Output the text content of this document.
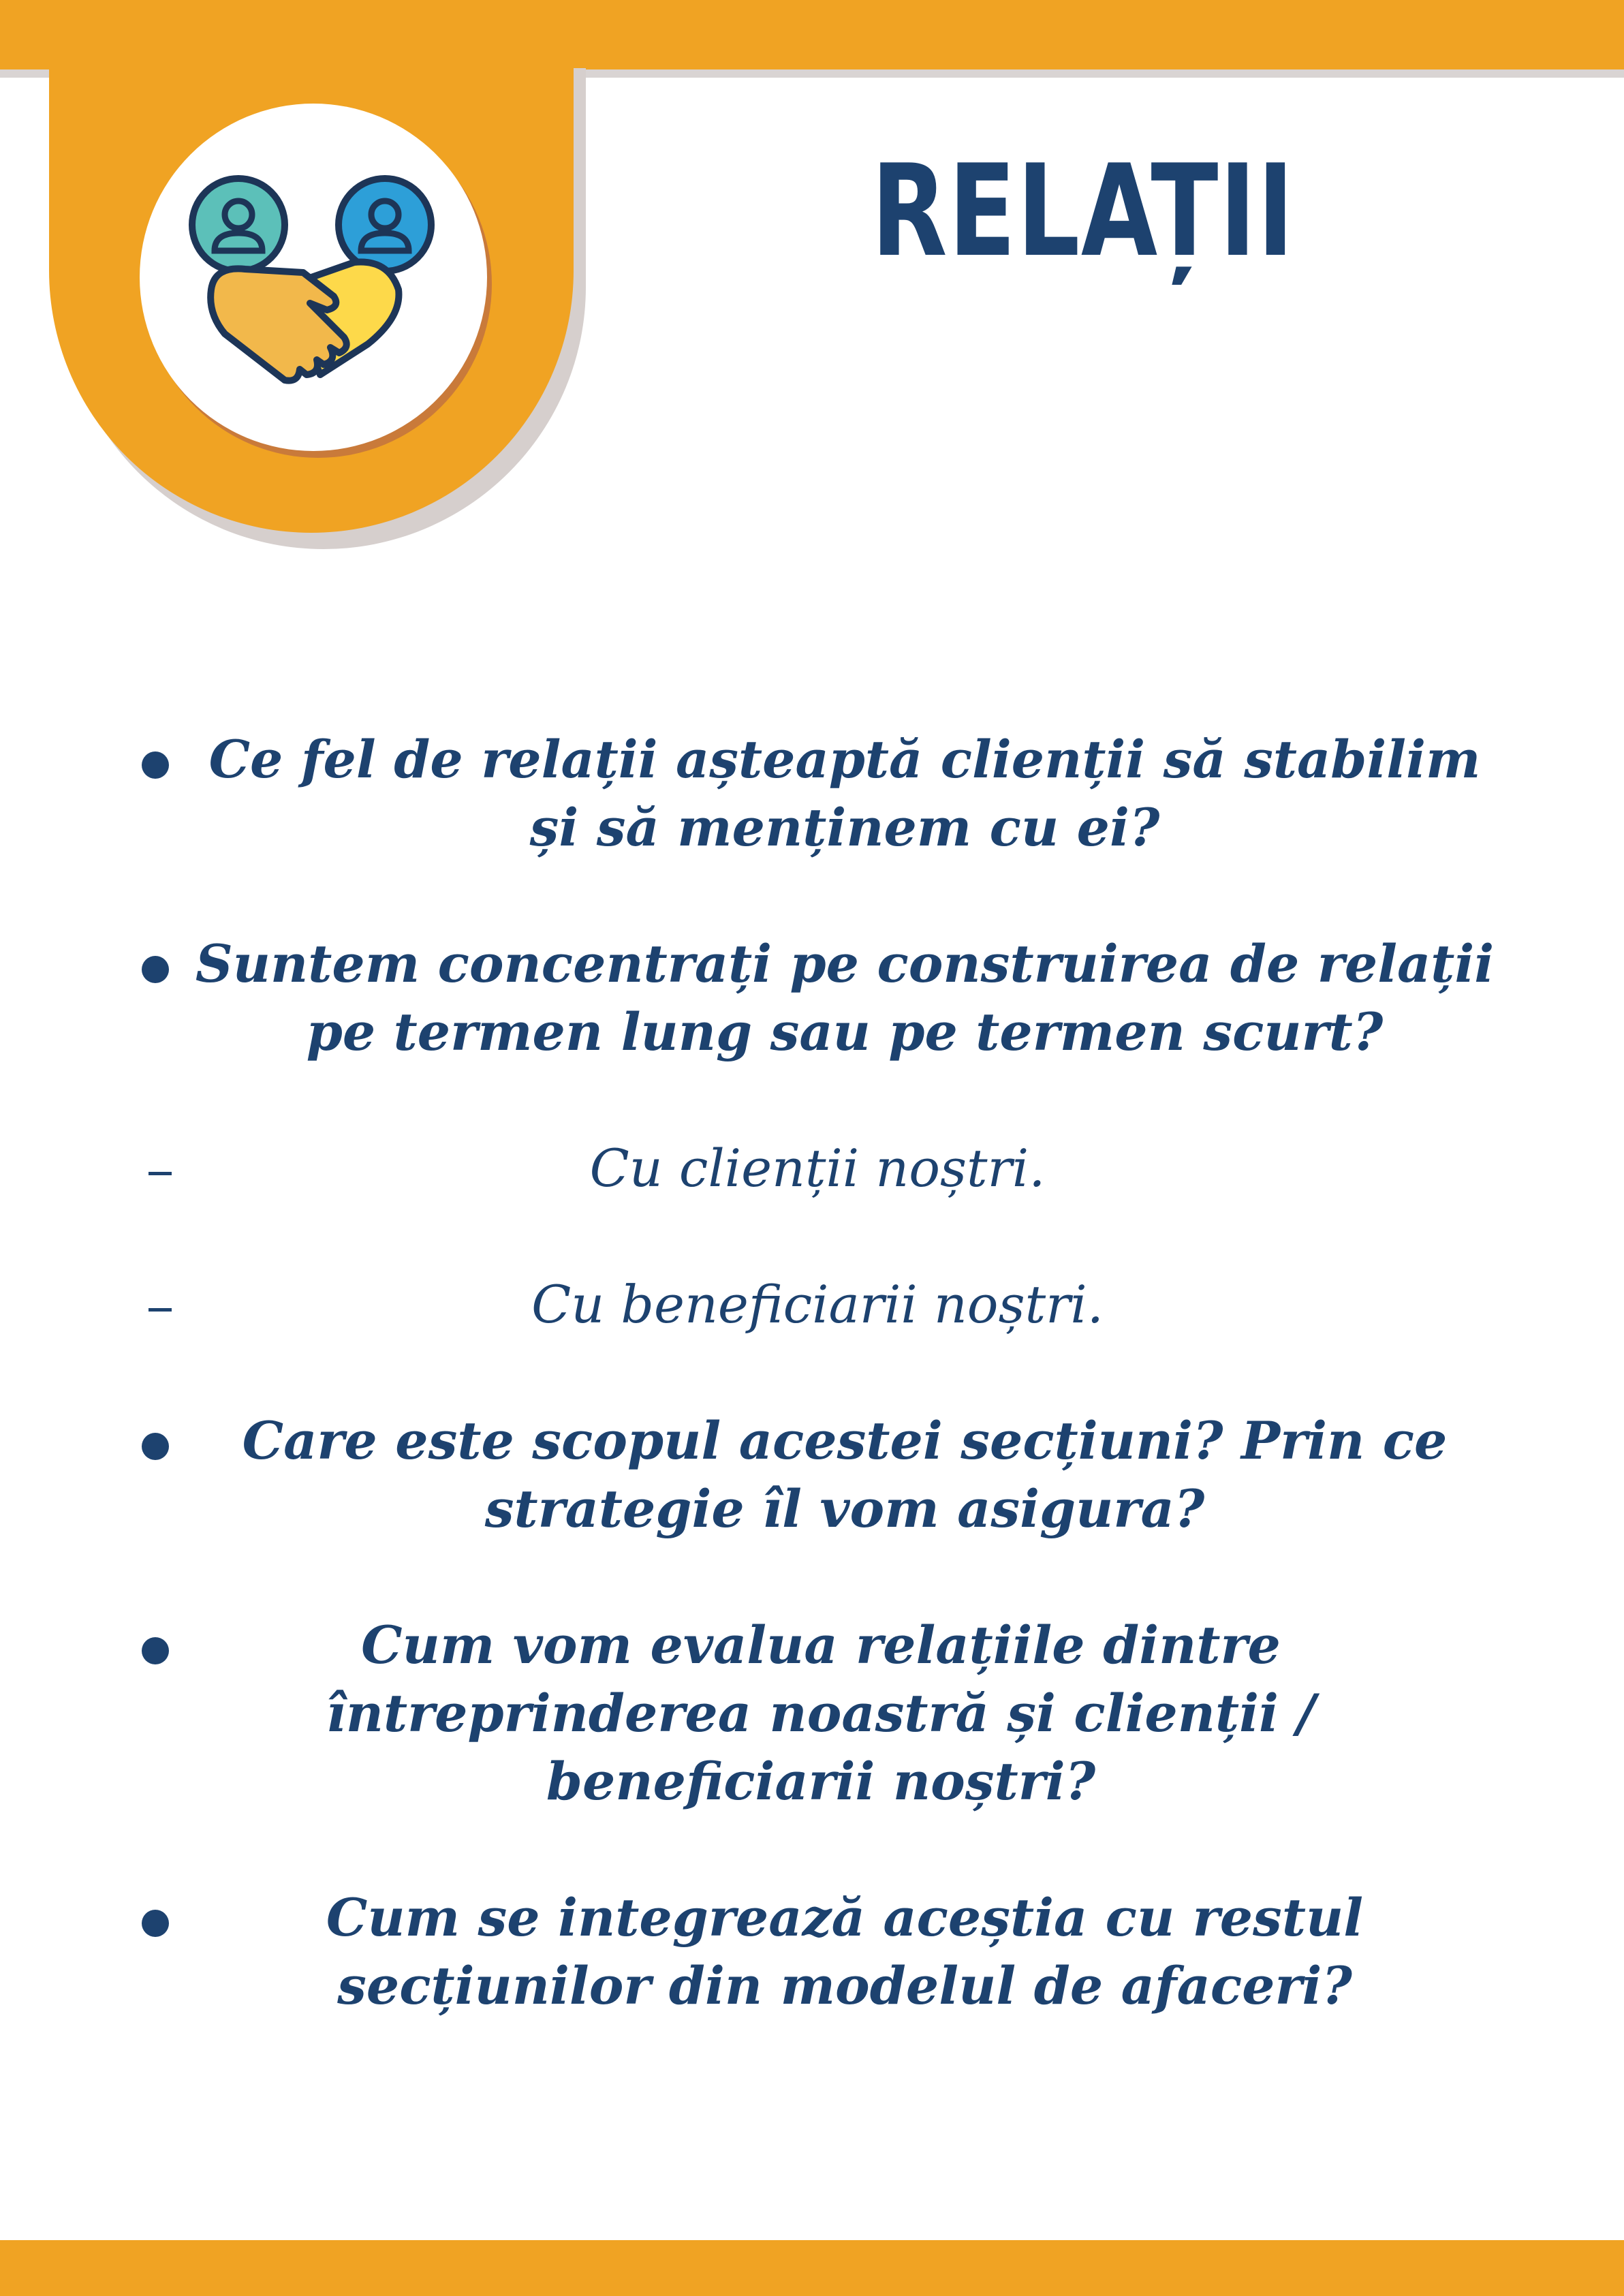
RELAȚII
Ce fel de relații așteaptă clienții să stabilim și să menținem cu ei?
Suntem concentrați pe construirea de relații pe termen lung sau pe termen scurt?
Cu clienții noștri.
Cu beneficiarii noștri.
Care este scopul acestei secțiuni? Prin ce strategie îl vom asigura?
Cum vom evalua relațiile dintre întreprinderea noastră și clienții / beneficiarii noștri?
Cum se integrează aceștia cu restul secțiunilor din modelul de afaceri?
